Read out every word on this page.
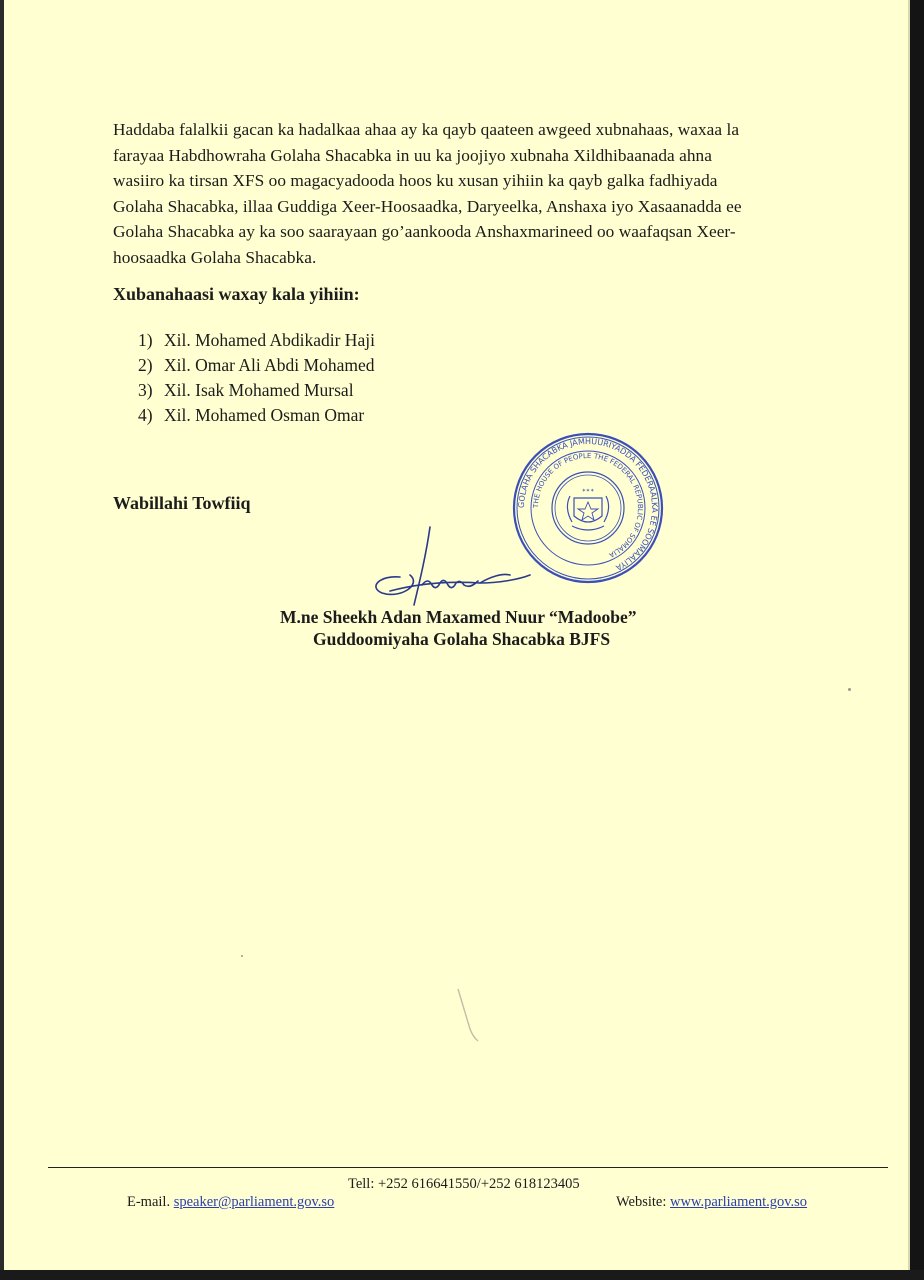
Haddaba falalkii gacan ka hadalkaa ahaa ay ka qayb qaateen awgeed xubnahaas, waxaa la
farayaa Habdhowraha Golaha Shacabka in uu ka joojiyo xubnaha Xildhibaanada ahna
wasiiro ka tirsan XFS oo magacyadooda hoos ku xusan yihiin ka qayb galka fadhiyada
Golaha Shacabka, illaa Guddiga Xeer-Hoosaadka, Daryeelka, Anshaxa iyo Xasaanadda ee
Golaha Shacabka ay ka soo saarayaan go’aankooda Anshaxmarineed oo waafaqsan Xeer-
hoosaadka Golaha Shacabka.
Xubanahaasi waxay kala yihiin:
1) Xil. Mohamed Abdikadir Haji
2) Xil. Omar Ali Abdi Mohamed
3) Xil. Isak Mohamed Mursal
4) Xil. Mohamed Osman Omar
Wabillahi Towfiiq	GOLAHA SHACABKA JAMHUURIYADDA FEDERAALKA EE SOOMAALIYA
THE HOUSE OF PEOPLE THE FEDERAL REPUBLIC OF SOMALIA
✶✶✶
M.ne Sheekh Adan Maxamed Nuur “Madoobe”
Guddoomiyaha Golaha Shacabka BJFS
Tell: +252 616641550/+252 618123405
E-mail. speaker@parliament.gov.so	Website: www.parliament.gov.so
